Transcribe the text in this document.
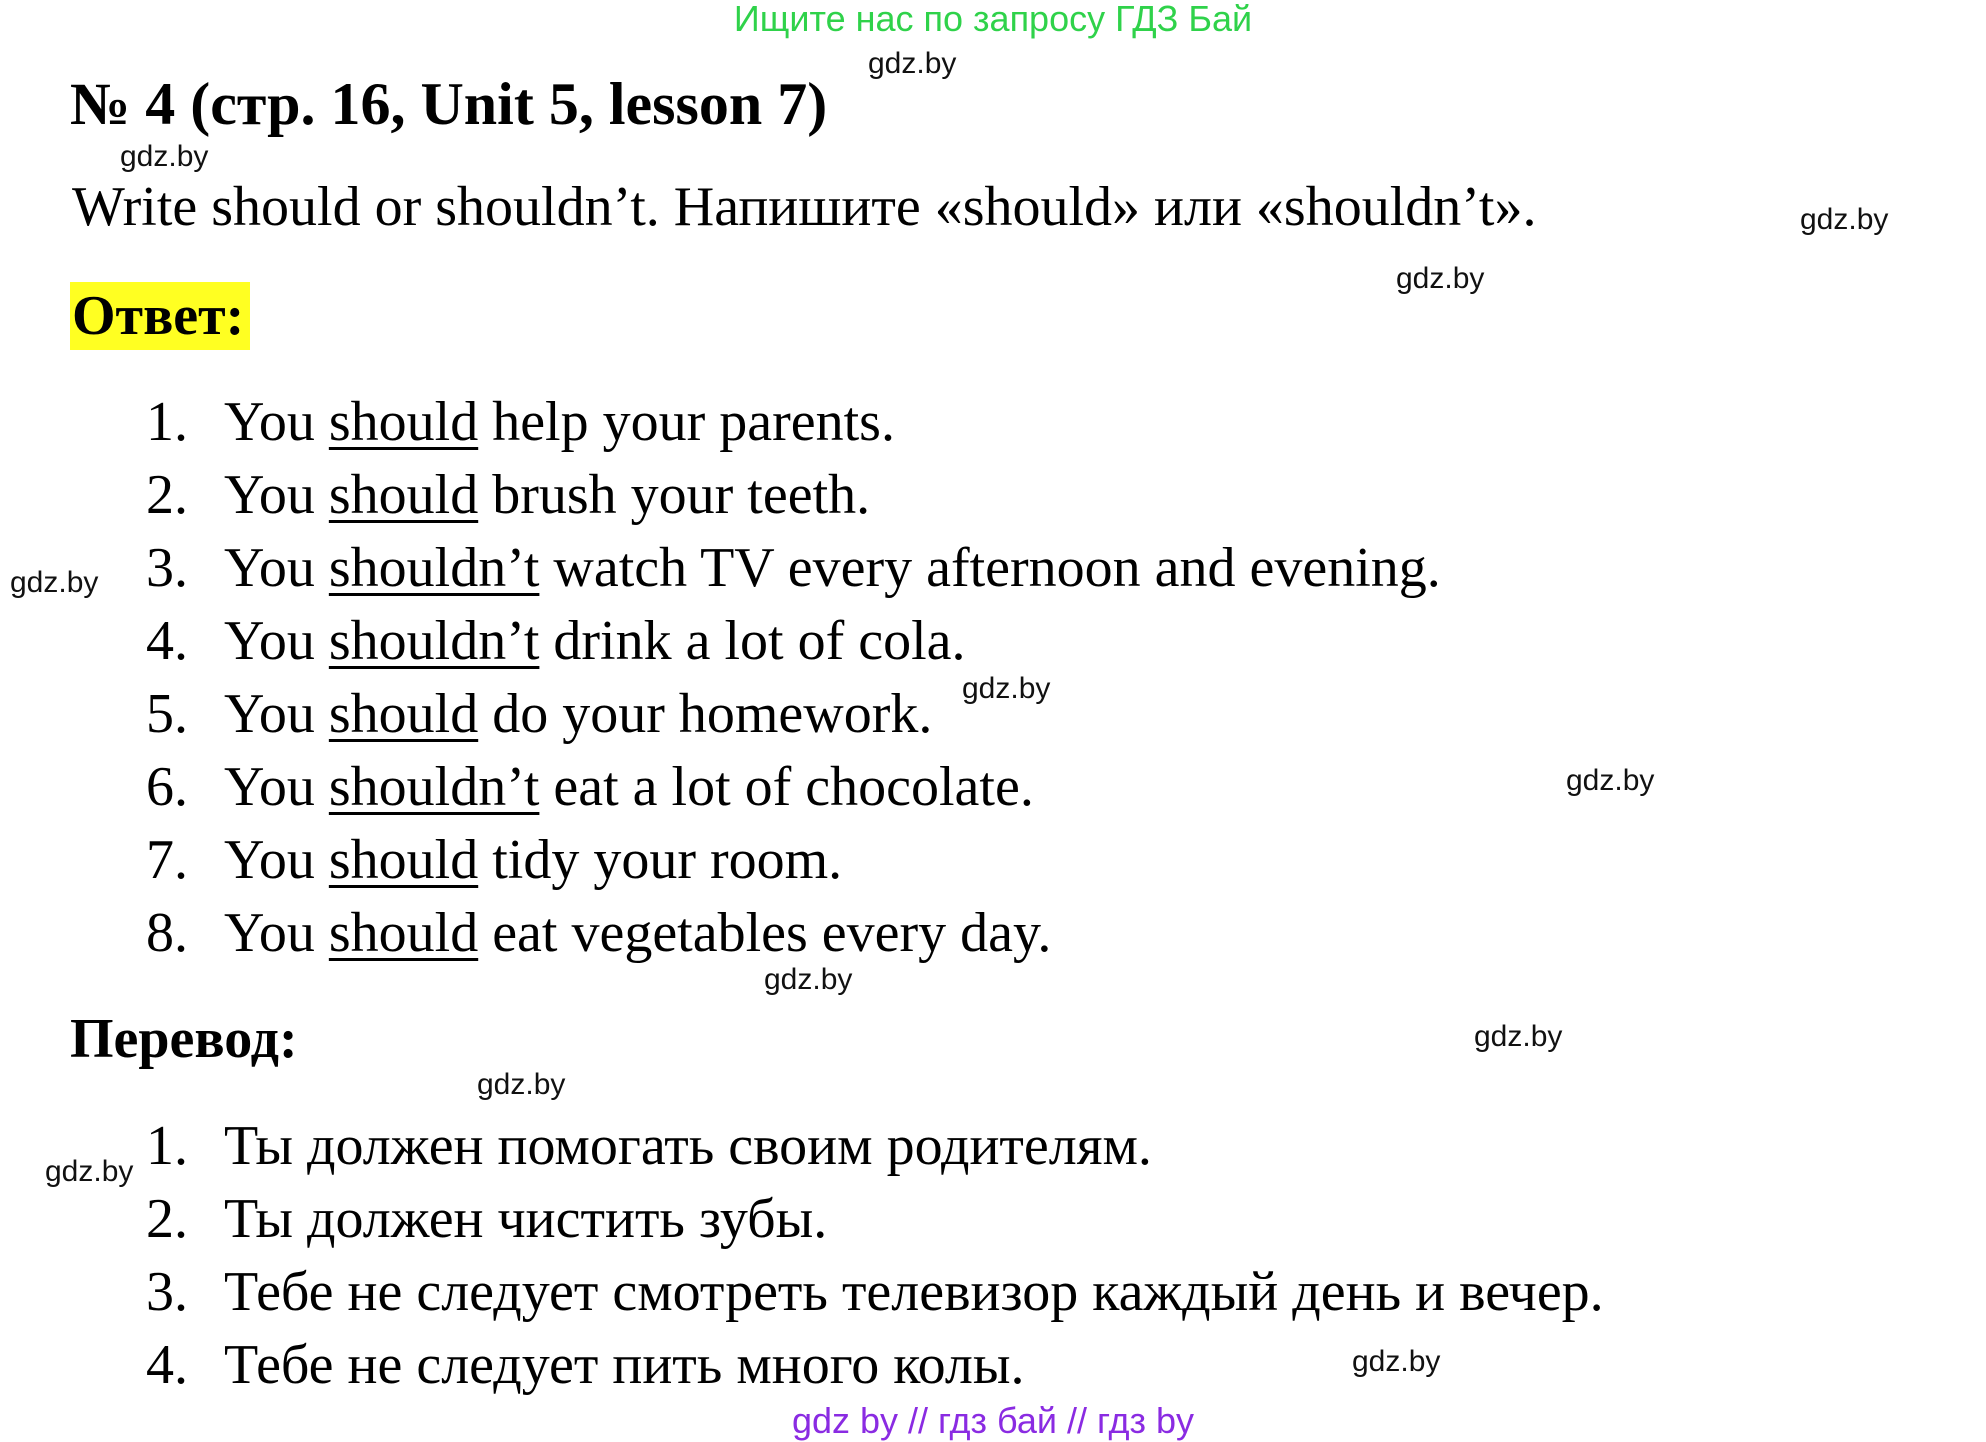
Ищите нас по запросу ГДЗ Бай
№ 4 (стр. 16, Unit 5, lesson 7)
Write should or shouldn’t. Напишите «should» или «shouldn’t».
Ответ:
1. You should help your parents.
2. You should brush your teeth.
3. You shouldn’t watch TV every afternoon and evening.
4. You shouldn’t drink a lot of cola.
5. You should do your homework.
6. You shouldn’t eat a lot of chocolate.
7. You should tidy your room.
8. You should eat vegetables every day.
Перевод:
1. Ты должен помогать своим родителям.
2. Ты должен чистить зубы.
3. Тебе не следует смотреть телевизор каждый день и вечер.
4. Тебе не следует пить много колы.
gdz.by
gdz.by
gdz.by
gdz.by
gdz.by
gdz.by
gdz.by
gdz.by
gdz.by
gdz.by
gdz.by
gdz.by
gdz by // гдз бай // гдз by
